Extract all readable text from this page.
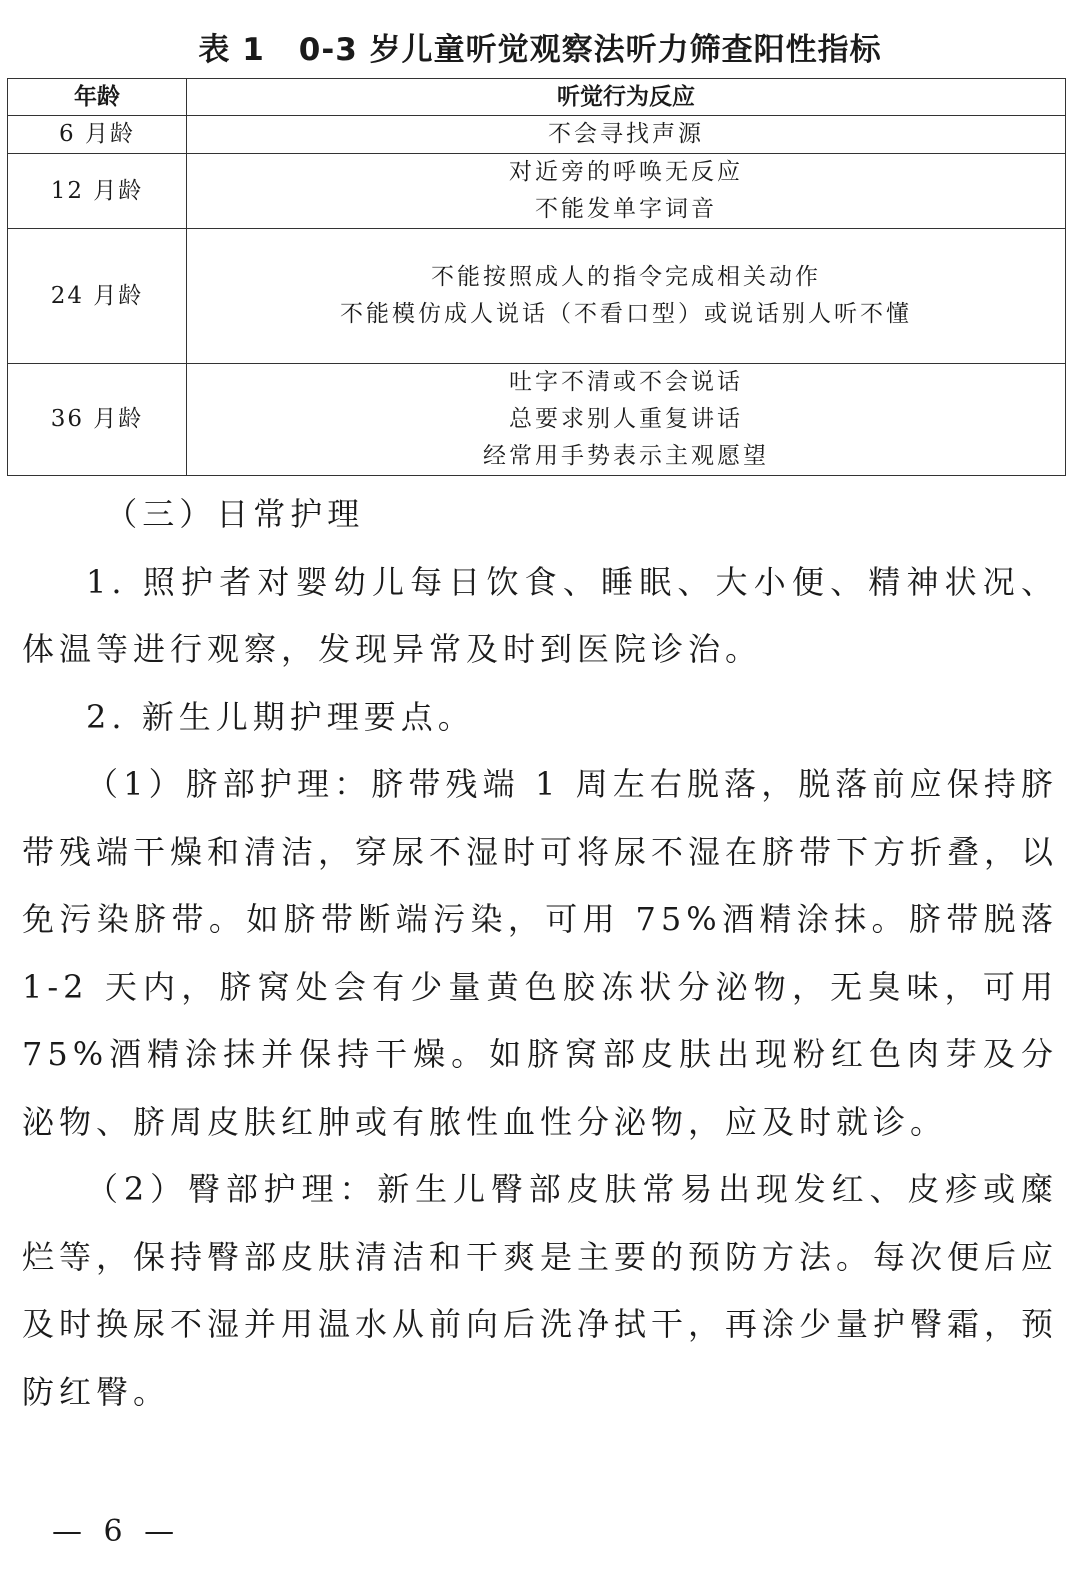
表 1 0-3 岁儿童听觉观察法听力筛查阳性指标
年龄	听觉行为反应
6 月龄	不会寻找声源

12 月龄	对近旁的呼唤无反应
不能发单字词音

24 月龄	不能按照成人的指令完成相关动作
不能模仿成人说话（不看口型）或说话别人听不懂

36 月龄	吐字不清或不会说话
总要求别人重复讲话
经常用手势表示主观愿望

（三）日常护理

1. 照护者对婴幼儿每日饮食、睡眠、大小便、精神状况、体温等进行观察，发现异常及时到医院诊治。

2. 新生儿期护理要点。

（1）脐部护理：脐带残端 1 周左右脱落，脱落前应保持脐带残端干燥和清洁，穿尿不湿时可将尿不湿在脐带下方折叠，以免污染脐带。如脐带断端污染，可用 75%酒精涂抹。脐带脱落 1-2 天内，脐窝处会有少量黄色胶冻状分泌物，无臭味，可用 75%酒精涂抹并保持干燥。如脐窝部皮肤出现粉红色肉芽及分泌物、脐周皮肤红肿或有脓性血性分泌物，应及时就诊。

（2）臀部护理：新生儿臀部皮肤常易出现发红、皮疹或糜烂等，保持臀部皮肤清洁和干爽是主要的预防方法。每次便后应及时换尿不湿并用温水从前向后洗净拭干，再涂少量护臀霜，预防红臀。

— 6 —
